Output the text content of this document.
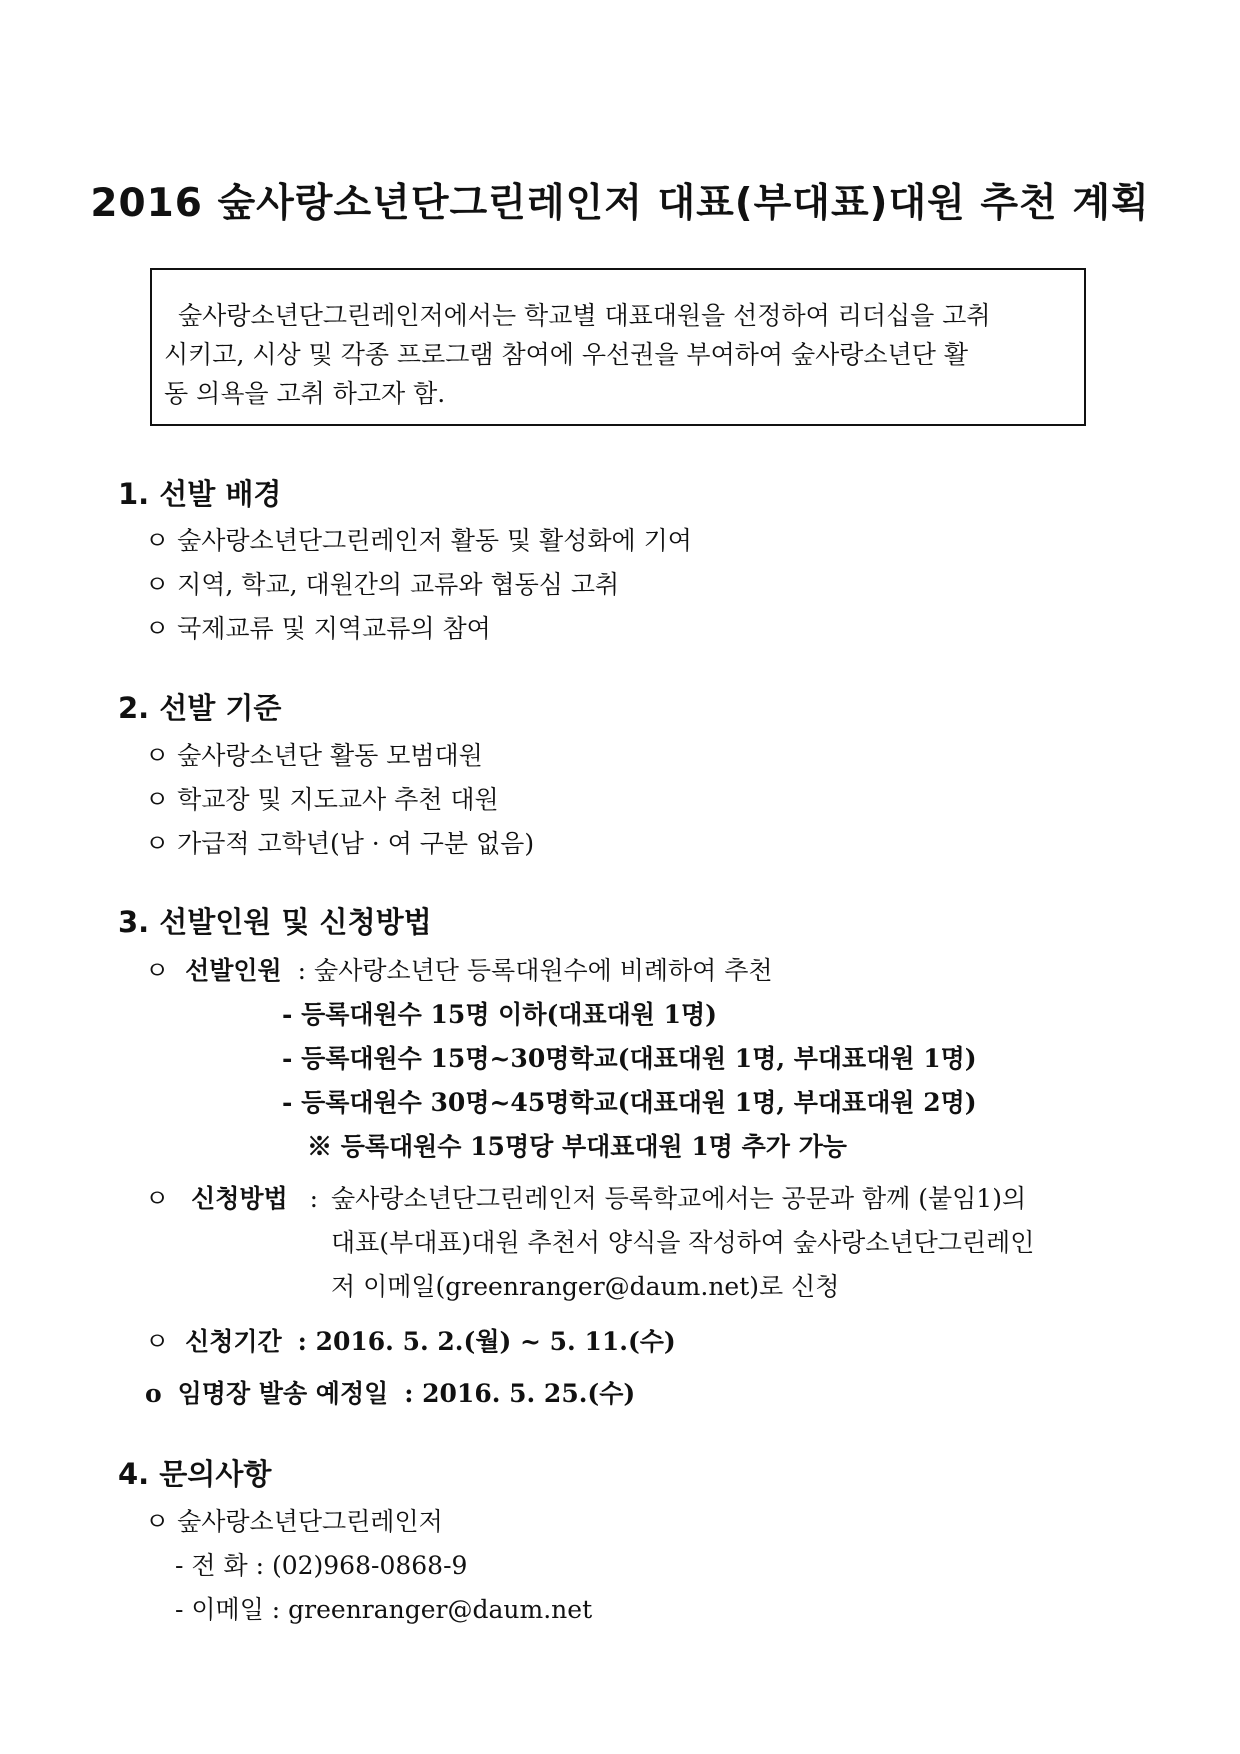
2016 숲사랑소년단그린레인저 대표(부대표)대원 추천 계획
숲사랑소년단그린레인저에서는 학교별 대표대원을 선정하여 리더십을 고취
시키고, 시상 및 각종 프로그램 참여에 우선권을 부여하여 숲사랑소년단 활
동 의욕을 고취 하고자 함.
1. 선발 배경
ㅇ 숲사랑소년단그린레인저 활동 및 활성화에 기여
ㅇ 지역, 학교, 대원간의 교류와 협동심 고취
ㅇ 국제교류 및 지역교류의 참여
2. 선발 기준
ㅇ 숲사랑소년단 활동 모범대원
ㅇ 학교장 및 지도교사 추천 대원
ㅇ 가급적 고학년(남 · 여 구분 없음)
3. 선발인원 및 신청방법
ㅇ 선발인원 : 숲사랑소년단 등록대원수에 비례하여 추천
- 등록대원수 15명 이하(대표대원 1명)
- 등록대원수 15명~30명학교(대표대원 1명, 부대표대원 1명)
- 등록대원수 30명~45명학교(대표대원 1명, 부대표대원 2명)
※ 등록대원수 15명당 부대표대원 1명 추가 가능
ㅇ 신청방법 : 숲사랑소년단그린레인저 등록학교에서는 공문과 함께 (붙임1)의
대표(부대표)대원 추천서 양식을 작성하여 숲사랑소년단그린레인
저 이메일(greenranger@daum.net)로 신청
ㅇ 신청기간 : 2016. 5. 2.(월) ~ 5. 11.(수)
o 임명장 발송 예정일 : 2016. 5. 25.(수)
4. 문의사항
ㅇ 숲사랑소년단그린레인저
- 전 화 : (02)968-0868-9
- 이메일 : greenranger@daum.net
